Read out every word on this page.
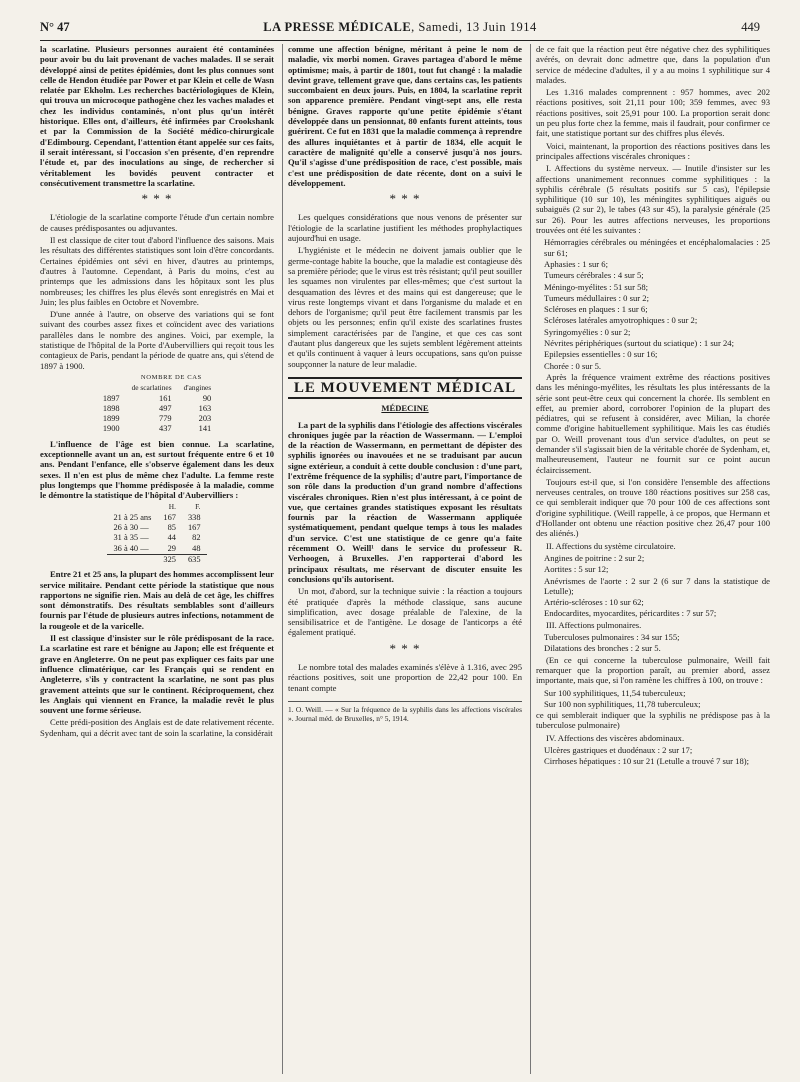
N° 47	LA PRESSE MÉDICALE, Samedi, 13 Juin 1914	449

la scarlatine. Plusieurs personnes auraient été contaminées pour avoir bu du lait provenant de vaches malades. Il se serait développé ainsi de petites épidémies, dont les plus connues sont celle de Hendon étudiée par Power et par Klein et celle de Wasn relatée par Ekholm. Les recherches bactériologiques de Klein, qui trouva un microcoque pathogène chez les vaches malades et chez les individus contaminés, n'ont plus qu'un intérêt historique. Elles ont, d'ailleurs, été infirmées par Crookshank et par la Commission de la Société médico-chirurgicale d'Edimbourg. Cependant, l'attention étant appelée sur ces faits, il serait intéressant, si l'occasion s'en présente, d'en reprendre l'étude et, par des inoculations au singe, de rechercher si véritablement les bovidés peuvent contracter et consécutivement transmettre la scarlatine.

* * *

L'étiologie de la scarlatine comporte l'étude d'un certain nombre de causes prédisposantes ou adjuvantes.

Il est classique de citer tout d'abord l'influence des saisons. Mais les résultats des différentes statistiques sont loin d'être concordants. Certaines épidémies ont sévi en hiver, d'autres au printemps, d'autres à l'automne. Cependant, à Paris du moins, c'est au printemps que les admissions dans les hôpitaux sont les plus nombreuses; les chiffres les plus élevés sont enregistrés en Mai et Juin; les plus faibles en Octobre et Novembre.

D'une année à l'autre, on observe des variations qui se font suivant des courbes assez fixes et coïncident avec des variations parallèles dans le nombre des angines. Voici, par exemple, la statistique de l'hôpital de la Porte d'Aubervilliers qui reçoit tous les contagieux de Paris, pendant la période de quatre ans, qui s'étend de 1897 à 1900.

	NOMBRE DE CAS	
	de scarlatines	d'angines
1897	161	90
1898	497	163
1899	779	203
1900	437	141

L'influence de l'âge est bien connue. La scarlatine, exceptionnelle avant un an, est surtout fréquente entre 6 et 10 ans. Pendant l'enfance, elle s'observe également dans les deux sexes. Il n'en est plus de même chez l'adulte. La femme reste plus longtemps que l'homme prédisposée à la maladie, comme le démontre la statistique de l'hôpital d'Aubervilliers :

	H.	F.
21 à 25 ans	167	338
26 à 30 —	85	167
31 à 35 —	44	82
36 à 40 —	29	48
	325	635

Entre 21 et 25 ans, la plupart des hommes accomplissent leur service militaire. Pendant cette période la statistique que nous rapportons ne signifie rien. Mais au delà de cet âge, les chiffres sont démonstratifs. Des résultats semblables sont d'ailleurs fournis par l'étude de plusieurs autres infections, notamment de la rougeole et de la varicelle.

Il est classique d'insister sur le rôle prédisposant de la race. La scarlatine est rare et bénigne au Japon; elle est fréquente et grave en Angleterre. On ne peut pas expliquer ces faits par une influence climatérique, car les Français qui se rendent en Angleterre, s'ils y contractent la scarlatine, ne sont pas plus gravement atteints que sur le continent. Réciproquement, chez les Anglais qui viennent en France, la maladie revêt le plus souvent une forme sérieuse.

Cette prédi-position des Anglais est de date relativement récente. Sydenham, qui a décrit avec tant de soin la scarlatine, la considérait

comme une affection bénigne, méritant à peine le nom de maladie, vix morbi nomen. Graves partagea d'abord le même optimisme; mais, à partir de 1801, tout fut changé : la maladie devint grave, tellement grave que, dans certains cas, les patients succombaient en deux jours. Puis, en 1804, la scarlatine reprit son apparence première. Pendant vingt-sept ans, elle resta bénigne. Graves rapporte qu'une petite épidémie s'étant développée dans un pensionnat, 80 enfants furent atteints, tous guérirent. Ce fut en 1831 que la maladie commença à reprendre des allures inquiétantes et à partir de 1834, elle acquit le caractère de malignité qu'elle a conservé jusqu'à nos jours. Qu'il s'agisse d'une prédisposition de race, c'est possible, mais c'est une prédisposition de date récente, dont on a suivi le développement.

* * *

Les quelques considérations que nous venons de présenter sur l'étiologie de la scarlatine justifient les méthodes prophylactiques aujourd'hui en usage.

L'hygiéniste et le médecin ne doivent jamais oublier que le germe-contage habite la bouche, que la maladie est contagieuse dès sa première période; que le virus est très résistant; qu'il peut souiller les squames non virulentes par elles-mêmes; que c'est surtout la desquamation des lèvres et des mains qui est dangereuse; que le virus reste longtemps vivant et dans l'organisme du malade et en dehors de l'organisme; qu'il peut être facilement transmis par les objets ou les personnes; enfin qu'il existe des scarlatines frustes simplement caractérisées par de l'angine, et que ces cas sont d'autant plus dangereux que les sujets semblent légèrement atteints et qu'ils continuent à vaquer à leurs occupations, sans qu'on puisse soupçonner la nature de leur maladie.

LE MOUVEMENT MÉDICAL
MÉDECINE

La part de la syphilis dans l'étiologie des affections viscérales chroniques jugée par la réaction de Wassermann. — L'emploi de la réaction de Wassermann, en permettant de dépister des syphilis ignorées ou inavouées et ne se traduisant par aucun signe extérieur, a conduit à cette double conclusion : d'une part, l'extrême fréquence de la syphilis; d'autre part, l'importance de son rôle dans la production d'un grand nombre d'affections viscérales chroniques. Rien n'est plus intéressant, à ce point de vue, que certaines grandes statistiques exposant les résultats fournis par la réaction de Wassermann appliquée systématiquement, pendant quelque temps à tous les malades d'un service. C'est une statistique de ce genre qu'a faite récemment O. Weill¹ dans le service du professeur R. Verhoogen, à Bruxelles. J'en rapporterai d'abord les principaux résultats, me réservant de discuter ensuite les conclusions qu'ils autorisent.

Un mot, d'abord, sur la technique suivie : la réaction a toujours été pratiquée d'après la méthode classique, sans aucune simplification, avec dosage préalable de l'alexine, de la sensibilisatrice et de l'antigène. Le dosage de l'anticorps a été également pratiqué.

* * *

Le nombre total des malades examinés s'élève à 1.316, avec 295 réactions positives, soit une proportion de 22,42 pour 100. En tenant compte

1. O. Weill. — « Sur la fréquence de la syphilis dans les affections viscérales ». Journal méd. de Bruxelles, n° 5, 1914.

de ce fait que la réaction peut être négative chez des syphilitiques avérés, on devrait donc admettre que, dans la population d'un service de médecine d'adultes, il y a au moins 1 syphilitique sur 4 malades.

Les 1.316 malades comprennent : 957 hommes, avec 202 réactions positives, soit 21,11 pour 100; 359 femmes, avec 93 réactions positives, soit 25,91 pour 100. La proportion serait donc un peu plus forte chez la femme, mais il faudrait, pour confirmer ce fait, une statistique portant sur des chiffres plus élevés.

Voici, maintenant, la proportion des réactions positives dans les principales affections viscérales chroniques :

I. Affections du système nerveux. — Inutile d'insister sur les affections unanimement reconnues comme syphilitiques : la syphilis cérébrale (5 résultats positifs sur 5 cas), l'épilepsie syphilitique (10 sur 10), les méningites syphilitiques aiguës ou subaiguës (2 sur 2), le tabes (43 sur 45), la paralysie générale (25 sur 26). Pour les autres affections nerveuses, les proportions trouvées ont été les suivantes :

Hémorragies cérébrales ou méningées et encéphalomalacies : 25 sur 61;
Aphasies : 1 sur 6;
Tumeurs cérébrales : 4 sur 5;
Méningo-myélites : 51 sur 58;
Tumeurs médullaires : 0 sur 2;
Scléroses en plaques : 1 sur 6;
Scléroses latérales amyotrophiques : 0 sur 2;
Syringomyélies : 0 sur 2;
Névrites périphériques (surtout du sciatique) : 1 sur 24;
Epilepsies essentielles : 0 sur 16;
Chorée : 0 sur 5.

Après la fréquence vraiment extrême des réactions positives dans les méningo-myélites, les résultats les plus intéressants de la série sont peut-être ceux qui concernent la chorée. Ils semblent en effet, au premier abord, corroborer l'opinion de la plupart des pédiatres, qui se refusent à considérer, avec Milian, la chorée comme d'origine habituellement syphilitique. Mais les cas étudiés par O. Weill provenant tous d'un service d'adultes, on peut se demander s'il s'agissait bien de la véritable chorée de Sydenham, et, malheureusement, l'auteur ne fournit sur ce point aucun éclaircissement.

Toujours est-il que, si l'on considère l'ensemble des affections nerveuses centrales, on trouve 180 réactions positives sur 258 cas, ce qui semblerait indiquer que 70 pour 100 de ces affections sont d'origine syphilitique. (Weill rappelle, à ce propos, que Hermann et d'Hollander ont obtenu une réaction positive chez 26,47 pour 100 des aliénés.)

II. Affections du système circulatoire.

Angines de poitrine : 2 sur 2;
Aortites : 5 sur 12;
Anévrismes de l'aorte : 2 sur 2 (6 sur 7 dans la statistique de Letulle);
Artério-scléroses : 10 sur 62;
Endocardites, myocardites, péricardites : 7 sur 57;

III. Affections pulmonaires.

Tuberculoses pulmonaires : 34 sur 155;
Dilatations des bronches : 2 sur 5.

(En ce qui concerne la tuberculose pulmonaire, Weill fait remarquer que la proportion paraît, au premier abord, assez importante, mais que, si l'on ramène les chiffres à 100, on trouve :

Sur 100 syphilitiques, 11,54 tuberculeux;
Sur 100 non syphilitiques, 11,78 tuberculeux;

ce qui semblerait indiquer que la syphilis ne prédispose pas à la tuberculose pulmonaire)

IV. Affections des viscères abdominaux.

Ulcères gastriques et duodénaux : 2 sur 17;
Cirrhoses hépatiques : 10 sur 21 (Letulle a trouvé 7 sur 18);
